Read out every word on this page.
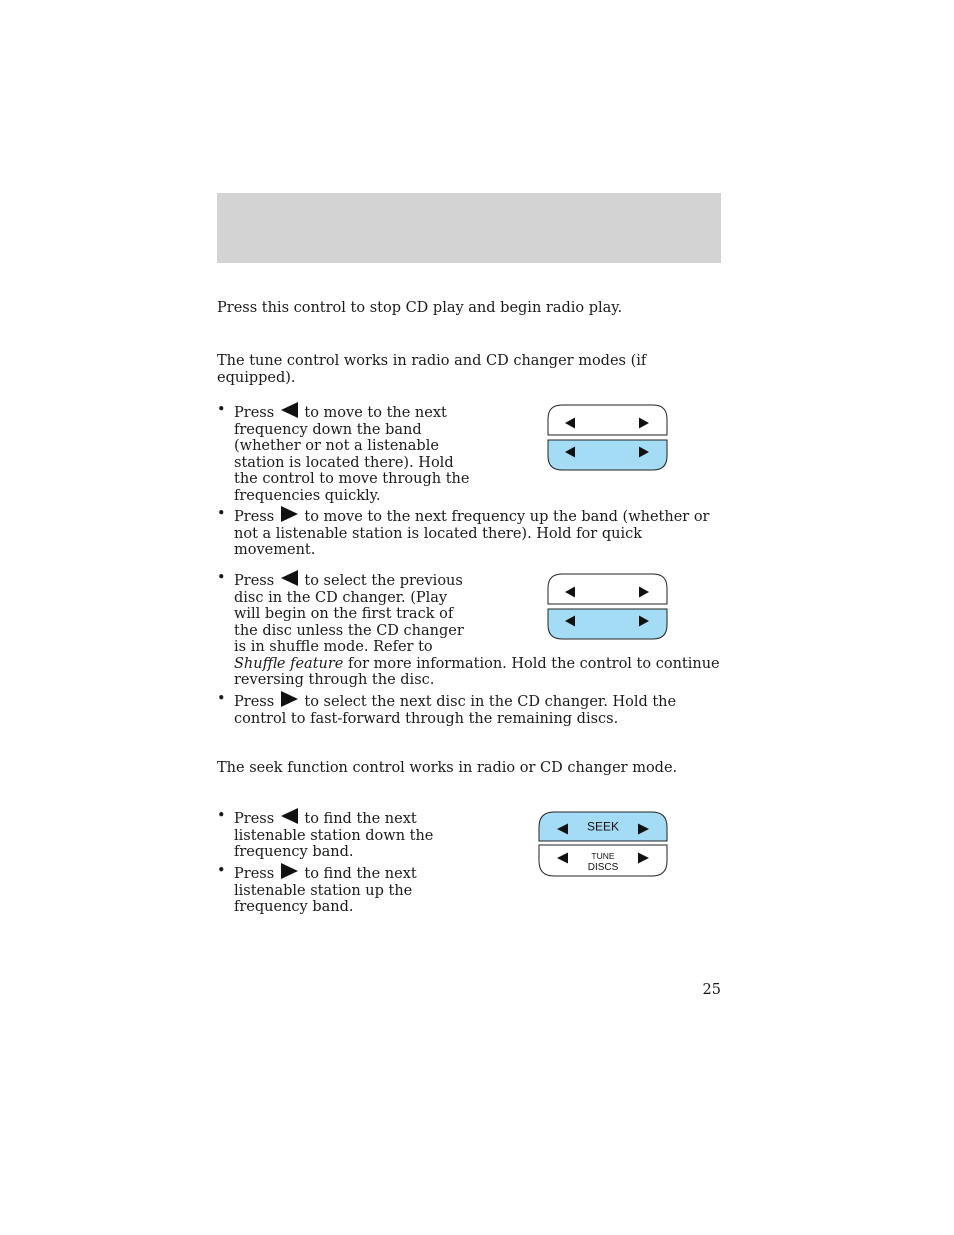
Press this control to stop CD play and begin radio play.

The tune control works in radio and CD changer modes (if equipped).

• Press to move to the next frequency down the band (whether or not a listenable station is located there). Hold the control to move through the frequencies quickly.
• Press to move to the next frequency up the band (whether or not a listenable station is located there). Hold for quick movement.
• Press to select the previous disc in the CD changer. (Play will begin on the first track of the disc unless the CD changer is in shuffle mode. Refer to Shuffle feature for more information. Hold the control to continue reversing through the disc.
• Press to select the next disc in the CD changer. Hold the control to fast-forward through the remaining discs.

The seek function control works in radio or CD changer mode.

• Press to find the next listenable station down the frequency band.
• Press to find the next listenable station up the frequency band.
SEEK
TUNE
DISCS
25
